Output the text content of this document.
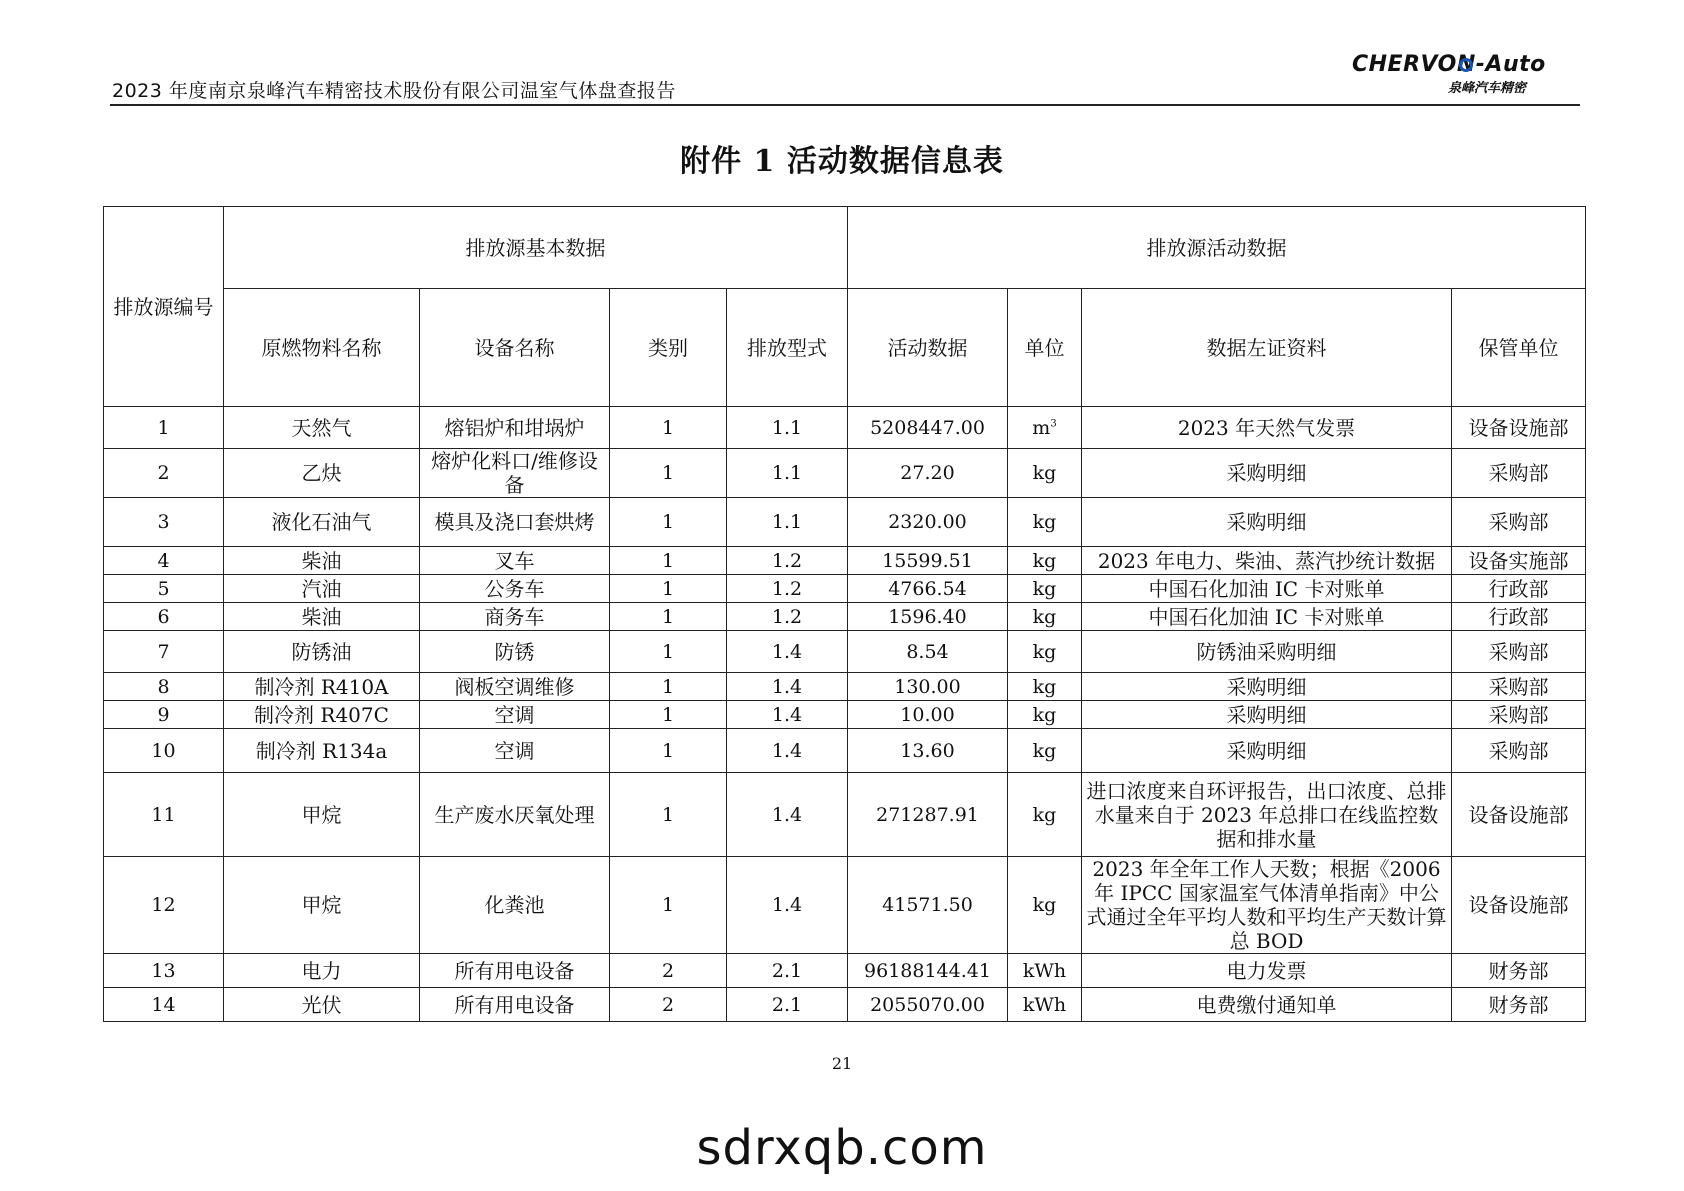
2023 年度南京泉峰汽车精密技术股份有限公司温室气体盘查报告
CHERVON-Auto
泉峰汽车精密
附件 1 活动数据信息表
排放源编号	排放源基本数据				排放源活动数据			
	原燃物料名称	设备名称	类别	排放型式	活动数据	单位	数据左证资料	保管单位
1	天然气	熔铝炉和坩埚炉	1	1.1	5208447.00	$m^3$	2023 年天然气发票	设备设施部
2	乙炔	熔炉化料口/维修设备	1	1.1	27.20	kg	采购明细	采购部
3	液化石油气	模具及浇口套烘烤	1	1.1	2320.00	kg	采购明细	采购部
4	柴油	叉车	1	1.2	15599.51	kg	2023 年电力、柴油、蒸汽抄统计数据	设备实施部
5	汽油	公务车	1	1.2	4766.54	kg	中国石化加油 IC 卡对账单	行政部
6	柴油	商务车	1	1.2	1596.40	kg	中国石化加油 IC 卡对账单	行政部
7	防锈油	防锈	1	1.4	8.54	kg	防锈油采购明细	采购部
8	制冷剂 R410A	阀板空调维修	1	1.4	130.00	kg	采购明细	采购部
9	制冷剂 R407C	空调	1	1.4	10.00	kg	采购明细	采购部
10	制冷剂 R134a	空调	1	1.4	13.60	kg	采购明细	采购部
11	甲烷	生产废水厌氧处理	1	1.4	271287.91	kg	进口浓度来自环评报告，出口浓度、总排水量来自于 2023 年总排口在线监控数据和排水量	设备设施部
12	甲烷	化粪池	1	1.4	41571.50	kg	2023 年全年工作人天数；根据《2006 年 IPCC 国家温室气体清单指南》中公式通过全年平均人数和平均生产天数计算总 BOD	设备设施部
13	电力	所有用电设备	2	2.1	96188144.41	kWh	电力发票	财务部
14	光伏	所有用电设备	2	2.1	2055070.00	kWh	电费缴付通知单	财务部
21
sdrxqb.com
